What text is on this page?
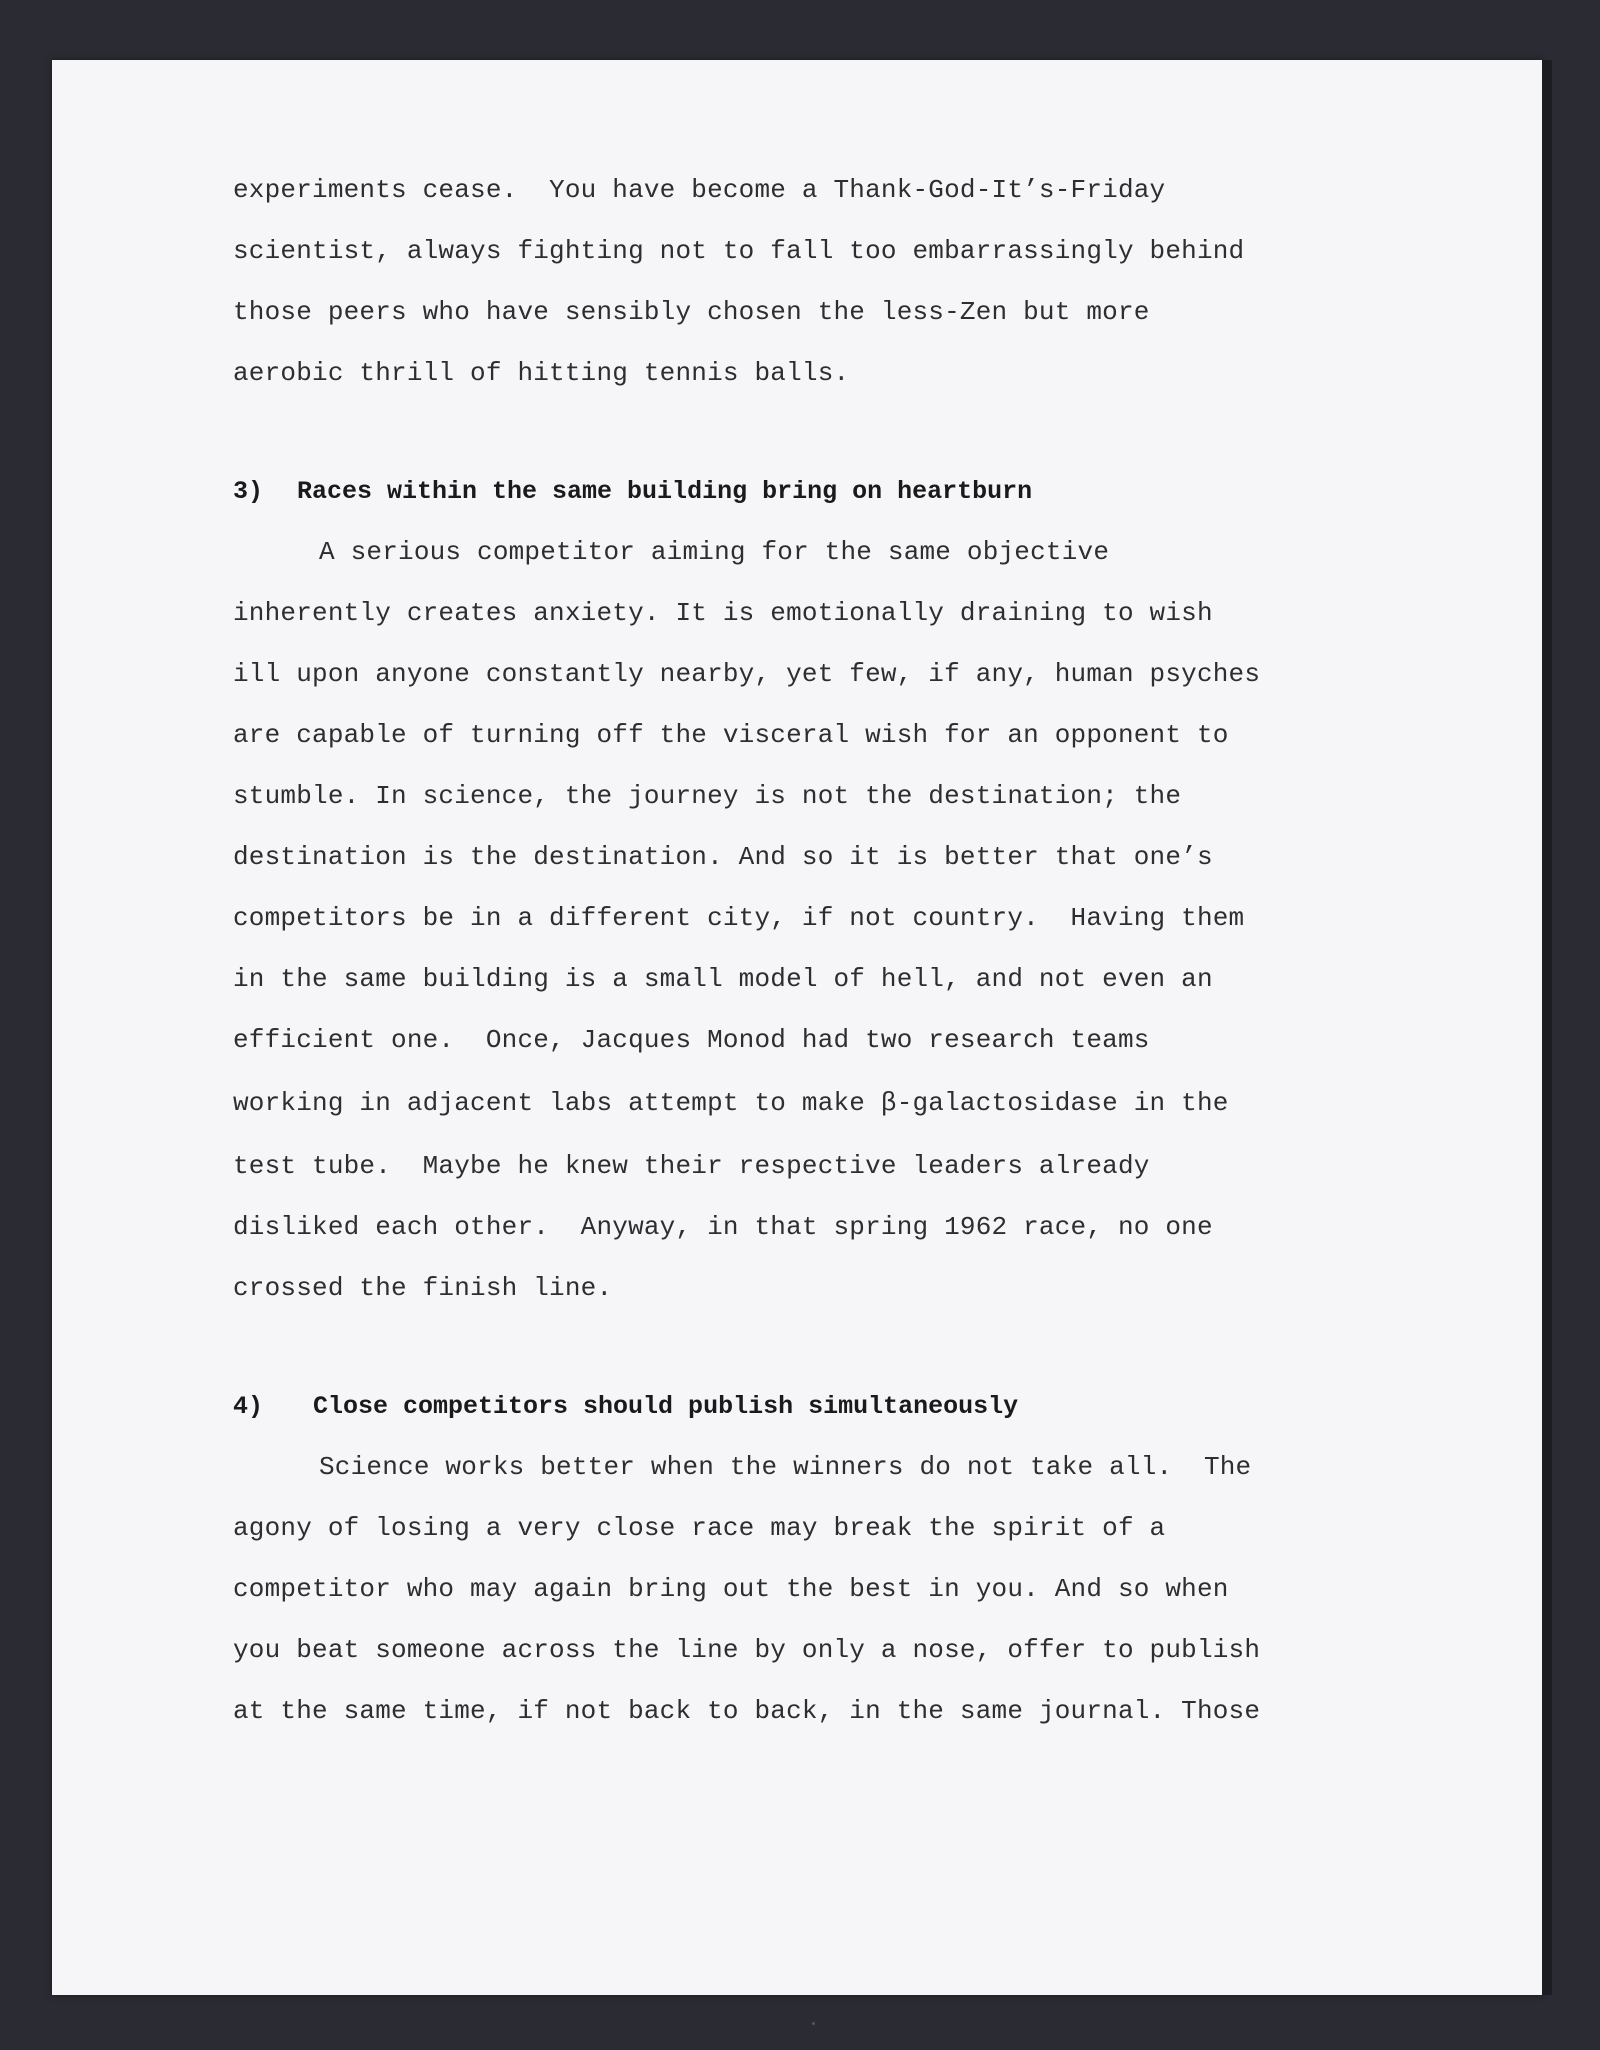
experiments cease.  You have become a Thank-God-It’s-Friday
scientist, always fighting not to fall too embarrassingly behind
those peers who have sensibly chosen the less-Zen but more
aerobic thrill of hitting tennis balls.
3) Races within the same building bring on heartburn
A serious competitor aiming for the same objective
inherently creates anxiety. It is emotionally draining to wish
ill upon anyone constantly nearby, yet few, if any, human psyches
are capable of turning off the visceral wish for an opponent to
stumble. In science, the journey is not the destination; the
destination is the destination. And so it is better that one’s
competitors be in a different city, if not country.  Having them
in the same building is a small model of hell, and not even an
efficient one.  Once, Jacques Monod had two research teams
working in adjacent labs attempt to make β-galactosidase in the
test tube.  Maybe he knew their respective leaders already
disliked each other.  Anyway, in that spring 1962 race, no one
crossed the finish line.
4) Close competitors should publish simultaneously
Science works better when the winners do not take all.  The
agony of losing a very close race may break the spirit of a
competitor who may again bring out the best in you. And so when
you beat someone across the line by only a nose, offer to publish
at the same time, if not back to back, in the same journal. Those
